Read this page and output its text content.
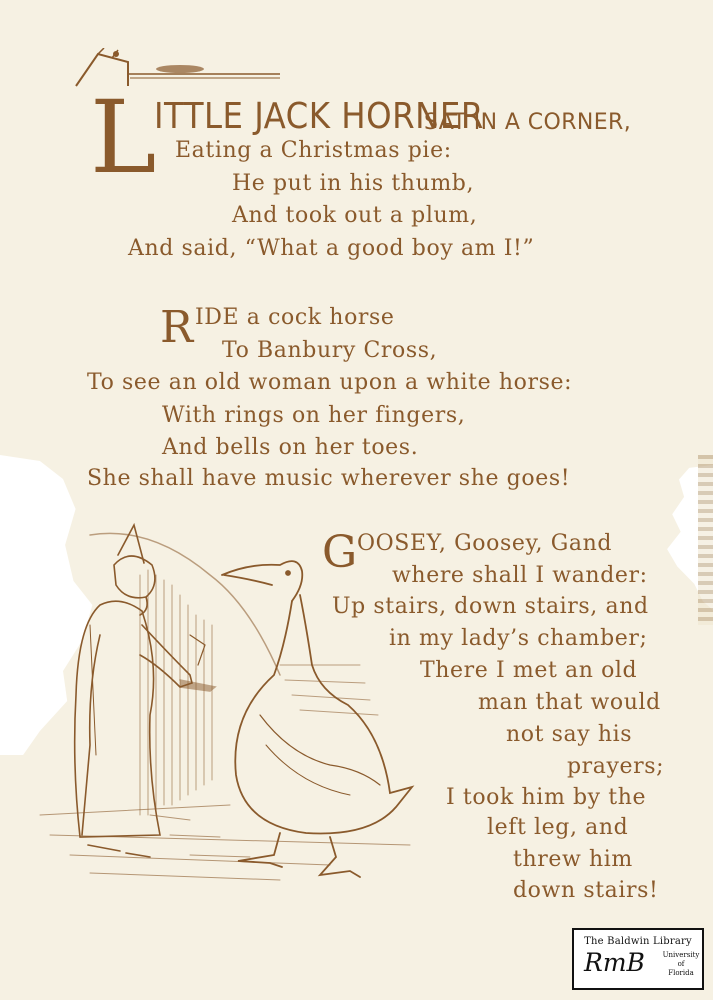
L
ITTLE JACK HORNER
SAT IN A CORNER,
Eating a Christmas pie:
He put in his thumb,
And took out a plum,
And said, “What a good boy am I!”
R IDE a cock horse
To Banbury Cross,
To see an old woman upon a white horse:
With rings on her fingers,
And bells on her toes.
She shall have music wherever she goes!
G OOSEY, Goosey, Gand
where shall I wander:
Up stairs, down stairs, and
in my lady’s chamber;
There I met an old
man that would
not say his
prayers;
I took him by the
left leg, and
threw him
down stairs!
The Baldwin Library
RmB	University
of
Florida
